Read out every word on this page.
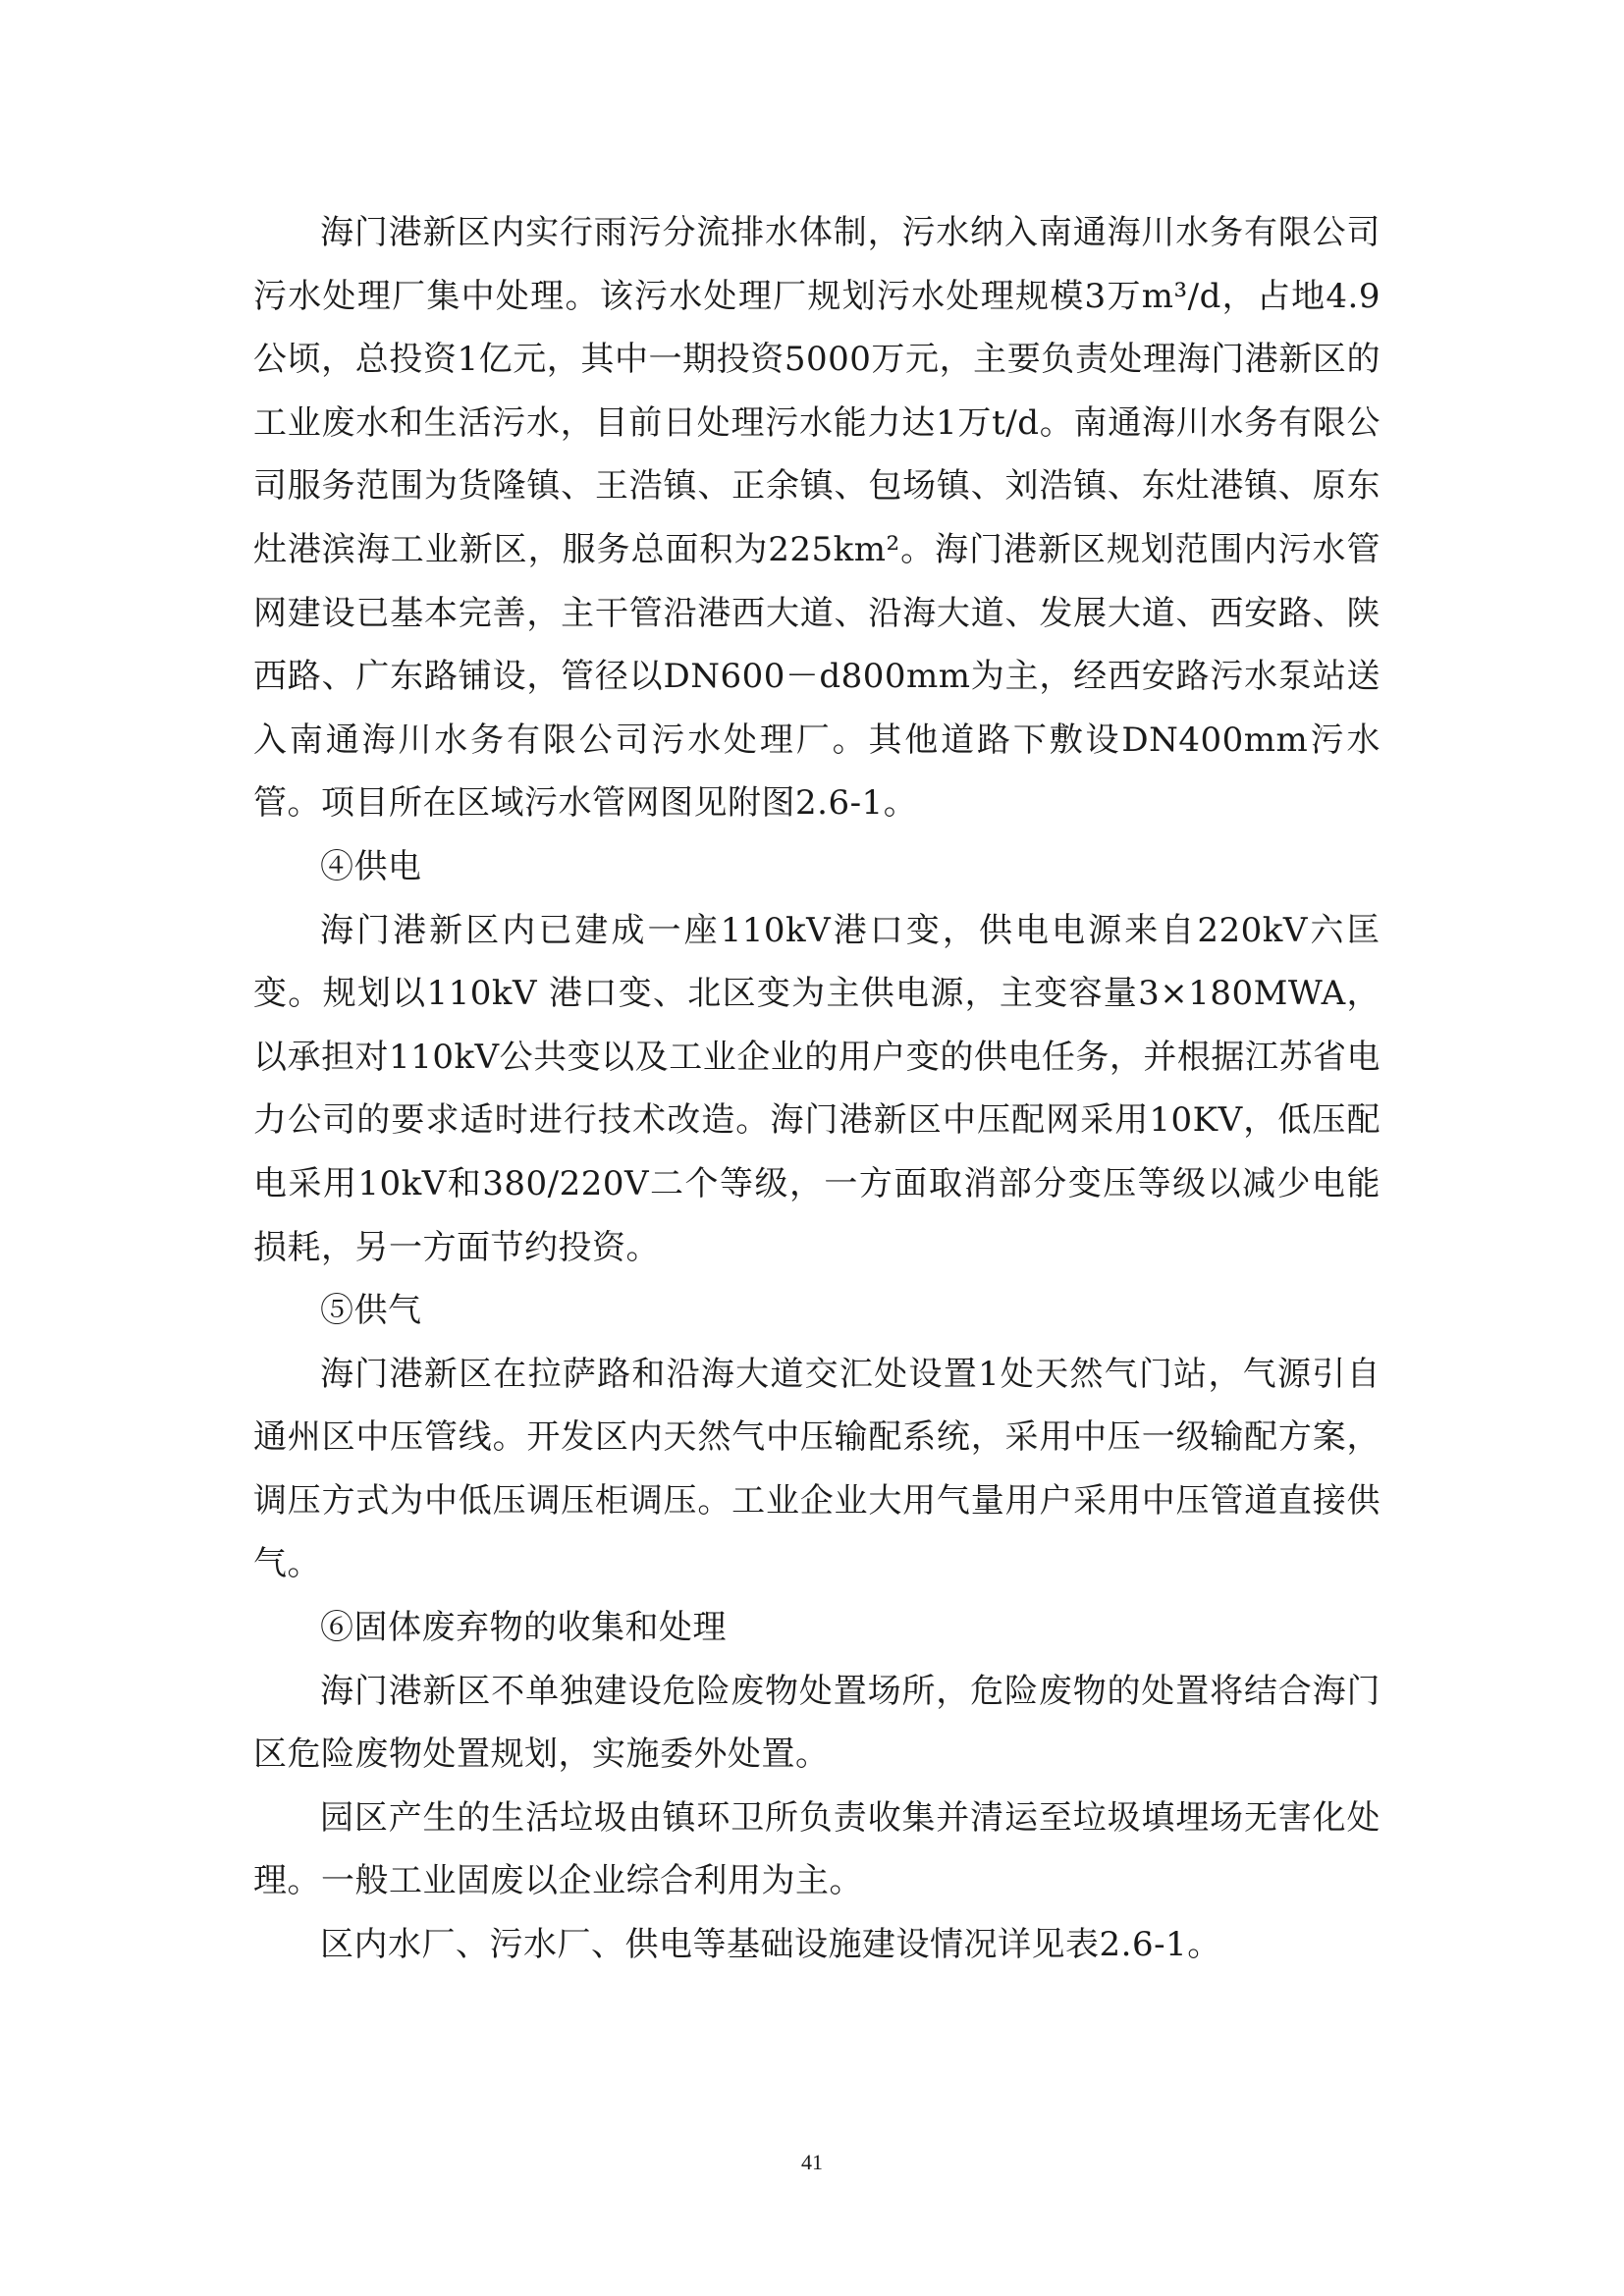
海门港新区内实行雨污分流排水体制，污水纳入南通海川水务有限公司污水处理厂集中处理。该污水处理厂规划污水处理规模3万m³/d，占地4.9公顷，总投资1亿元，其中一期投资5000万元，主要负责处理海门港新区的工业废水和生活污水，目前日处理污水能力达1万t/d。南通海川水务有限公司服务范围为货隆镇、王浩镇、正余镇、包场镇、刘浩镇、东灶港镇、原东灶港滨海工业新区，服务总面积为225km²。海门港新区规划范围内污水管网建设已基本完善，主干管沿港西大道、沿海大道、发展大道、西安路、陕西路、广东路铺设，管径以DN600－d800mm为主，经西安路污水泵站送入南通海川水务有限公司污水处理厂。其他道路下敷设DN400mm污水管。项目所在区域污水管网图见附图2.6-1。

④供电

海门港新区内已建成一座110kV港口变，供电电源来自220kV六匡变。规划以110kV 港口变、北区变为主供电源，主变容量3×180MWA，以承担对110kV公共变以及工业企业的用户变的供电任务，并根据江苏省电力公司的要求适时进行技术改造。海门港新区中压配网采用10KV，低压配电采用10kV和380/220V二个等级，一方面取消部分变压等级以减少电能损耗，另一方面节约投资。

⑤供气

海门港新区在拉萨路和沿海大道交汇处设置1处天然气门站，气源引自通州区中压管线。开发区内天然气中压输配系统，采用中压一级输配方案，调压方式为中低压调压柜调压。工业企业大用气量用户采用中压管道直接供气。

⑥固体废弃物的收集和处理

海门港新区不单独建设危险废物处置场所，危险废物的处置将结合海门区危险废物处置规划，实施委外处置。

园区产生的生活垃圾由镇环卫所负责收集并清运至垃圾填埋场无害化处理。一般工业固废以企业综合利用为主。

区内水厂、污水厂、供电等基础设施建设情况详见表2.6-1。

41
